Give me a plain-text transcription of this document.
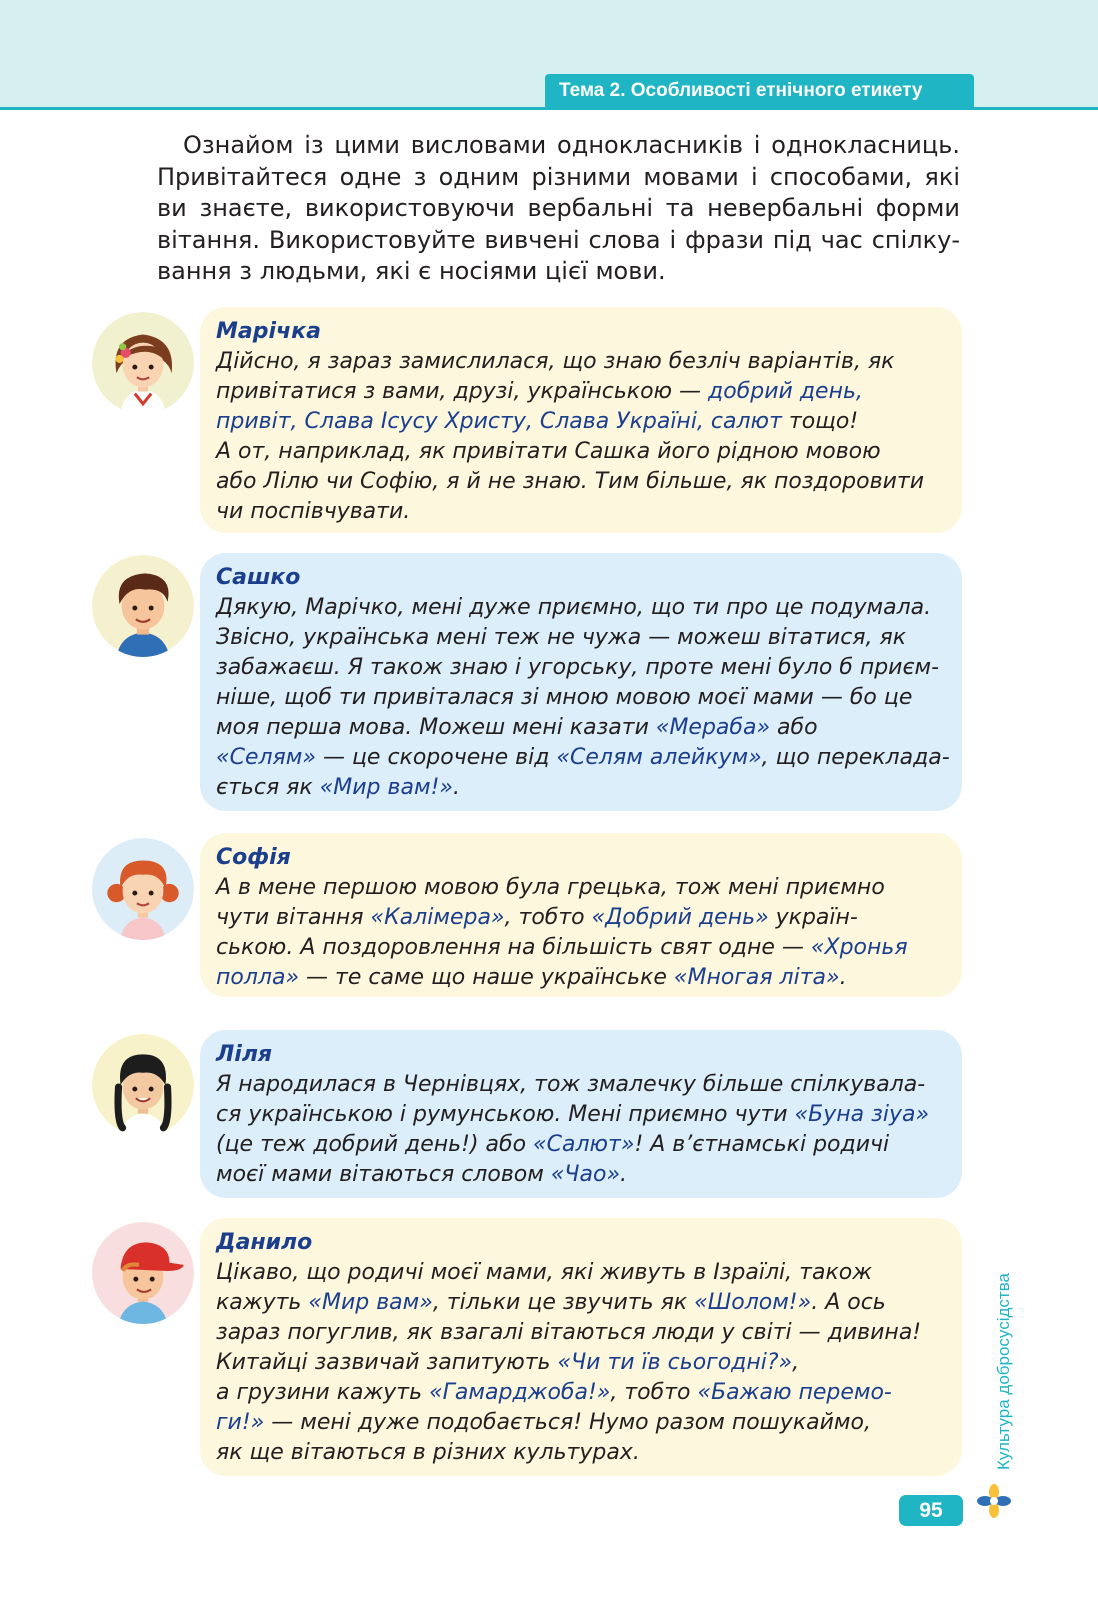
Тема 2. Особливості етнічного етикету

Ознайом із цими висловами однокласників і однокласниць.
Привітайтеся одне з одним різними мовами і способами, які
ви знаєте, використовуючи вербальні та невербальні форми
вітання. Використовуйте вивчені слова і фрази під час спілку-
вання з людьми, які є носіями цієї мови.

Марічка
Дійсно, я зараз замислилася, що знаю безліч варіантів, як
привітатися з вами, друзі, українською — добрий день,
привіт, Слава Ісусу Христу, Слава Україні, салют тощо!
А от, наприклад, як привітати Сашка його рідною мовою
або Лілю чи Софію, я й не знаю. Тим більше, як поздоровити
чи поспівчувати.
Сашко
Дякую, Марічко, мені дуже приємно, що ти про це подумала.
Звісно, українська мені теж не чужа — можеш вітатися, як
забажаєш. Я також знаю і угорську, проте мені було б приєм-
ніше, щоб ти привіталася зі мною мовою моєї мами — бо це
моя перша мова. Можеш мені казати «Мераба» або
«Селям» — це скорочене від «Селям алейкум», що переклада-
ється як «Мир вам!».
Софія
А в мене першою мовою була грецька, тож мені приємно
чути вітання «Калімера», тобто «Добрий день» україн-
ською. А поздоровлення на більшість свят одне — «Хронья
полла» — те саме що наше українське «Многая літа».
Ліля
Я народилася в Чернівцях, тож змалечку більше спілкувала-
ся українською і румунською. Мені приємно чути «Буна зіуа»
(це теж добрий день!) або «Салют»! А в’єтнамські родичі
моєї мами вітаються словом «Чао».
Данило
Цікаво, що родичі моєї мами, які живуть в Ізраїлі, також
кажуть «Мир вам», тільки це звучить як «Шолом!». А ось
зараз погуглив, як взагалі вітаються люди у світі — дивина!
Китайці зазвичай запитують «Чи ти їв сьогодні?»,
а грузини кажуть «Гамарджоба!», тобто «Бажаю перемо-
ги!» — мені дуже подобається! Нумо разом пошукаймо,
як ще вітаються в різних культурах.	Культура добросусідства
95
